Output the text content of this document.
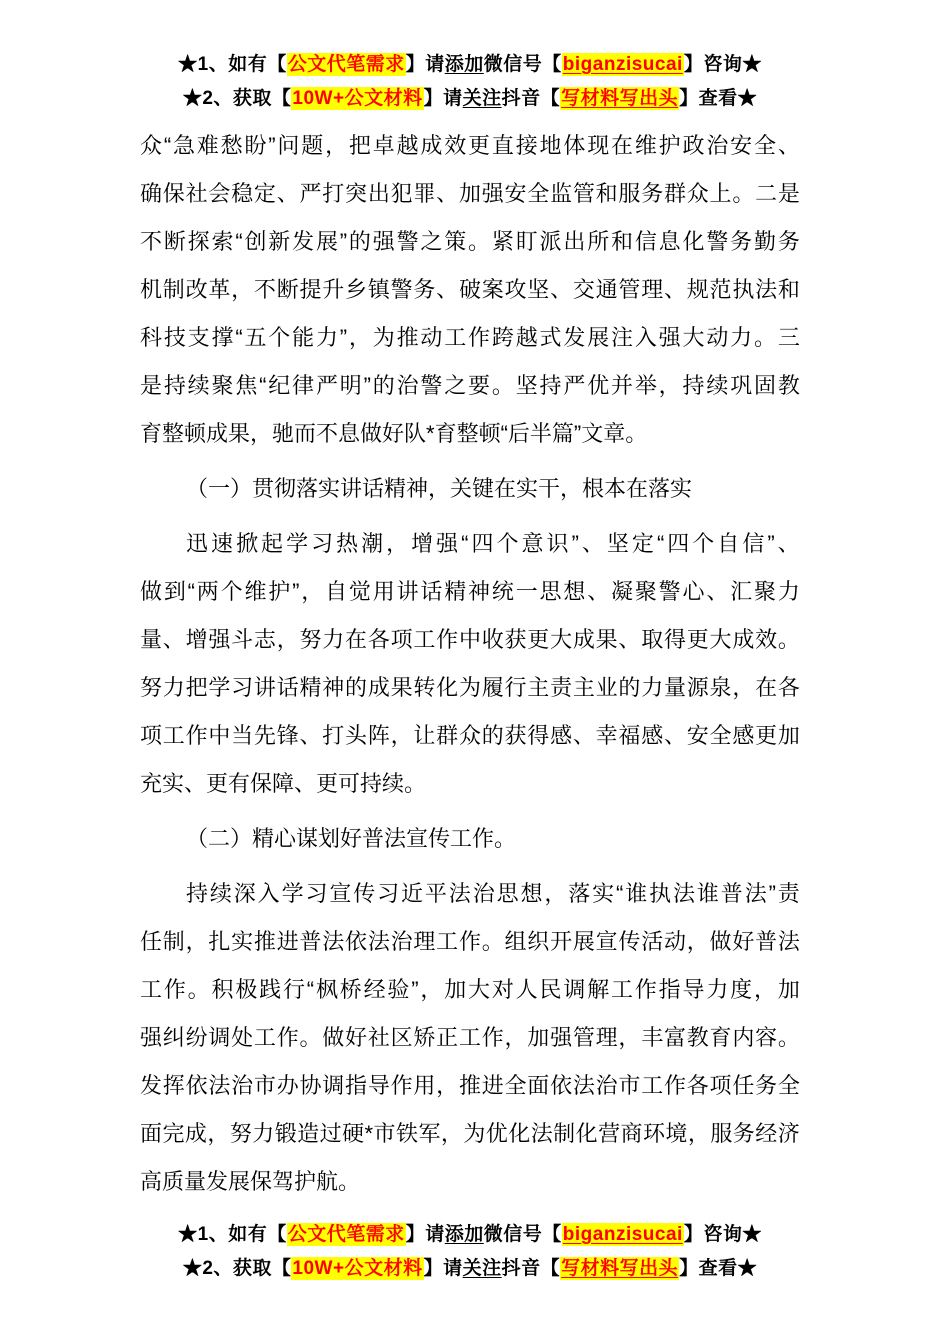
★1、如有【公文代笔需求】请添加微信号【biganzisucai】咨询★
★2、获取【10W+公文材料】请关注抖音【写材料写出头】查看★
众 “ 急 难 愁 盼 ” 问 题 ， 把 卓 越 成 效 更 直 接 地 体 现 在 维 护 政 治 安 全 、
确 保 社 会 稳 定 、 严 打 突 出 犯 罪 、 加 强 安 全 监 管 和 服 务 群 众 上 。 二 是
不 断 探 索 “ 创 新 发 展 ” 的 强 警 之 策 。 紧 盯 派 出 所 和 信 息 化 警 务 勤 务
机 制 改 革 ， 不 断 提 升 乡 镇 警 务 、 破 案 攻 坚 、 交 通 管 理 、 规 范 执 法 和
科 技 支 撑 “ 五 个 能 力 ” ， 为 推 动 工 作 跨 越 式 发 展 注 入 强 大 动 力 。 三
是 持 续 聚 焦 “ 纪 律 严 明 ” 的 治 警 之 要 。 坚 持 严 优 并 举 ， 持 续 巩 固 教
育整顿成果，驰而不息做好队*育整顿“后半篇”文章。
（一）贯彻落实讲话精神，关键在实干，根本在落实
迅 速 掀 起 学 习 热 潮 ， 增 强 “ 四 个 意 识 ” 、 坚 定 “ 四 个 自 信 ” 、
做 到 “ 两 个 维 护 ” ， 自 觉 用 讲 话 精 神 统 一 思 想 、 凝 聚 警 心 、 汇 聚 力
量 、 增 强 斗 志 ， 努 力 在 各 项 工 作 中 收 获 更 大 成 果 、 取 得 更 大 成 效 。
努 力 把 学 习 讲 话 精 神 的 成 果 转 化 为 履 行 主 责 主 业 的 力 量 源 泉 ， 在 各
项 工 作 中 当 先 锋 、 打 头 阵 ， 让 群 众 的 获 得 感 、 幸 福 感 、 安 全 感 更 加
充实、更有保障、更可持续。
（二）精心谋划好普法宣传工作。
持 续 深 入 学 习 宣 传 习 近 平 法 治 思 想 ， 落 实 “ 谁 执 法 谁 普 法 ” 责
任 制 ， 扎 实 推 进 普 法 依 法 治 理 工 作 。 组 织 开 展 宣 传 活 动 ， 做 好 普 法
工 作 。 积 极 践 行 “ 枫 桥 经 验 ” ， 加 大 对 人 民 调 解 工 作 指 导 力 度 ， 加
强 纠 纷 调 处 工 作 。 做 好 社 区 矫 正 工 作 ， 加 强 管 理 ， 丰 富 教 育 内 容 。
发 挥 依 法 治 市 办 协 调 指 导 作 用 ， 推 进 全 面 依 法 治 市 工 作 各 项 任 务 全
面 完 成 ， 努 力 锻 造 过 硬 * 市 铁 军 ， 为 优 化 法 制 化 营 商 环 境 ， 服 务 经 济
高质量发展保驾护航。
★1、如有【公文代笔需求】请添加微信号【biganzisucai】咨询★
★2、获取【10W+公文材料】请关注抖音【写材料写出头】查看★
